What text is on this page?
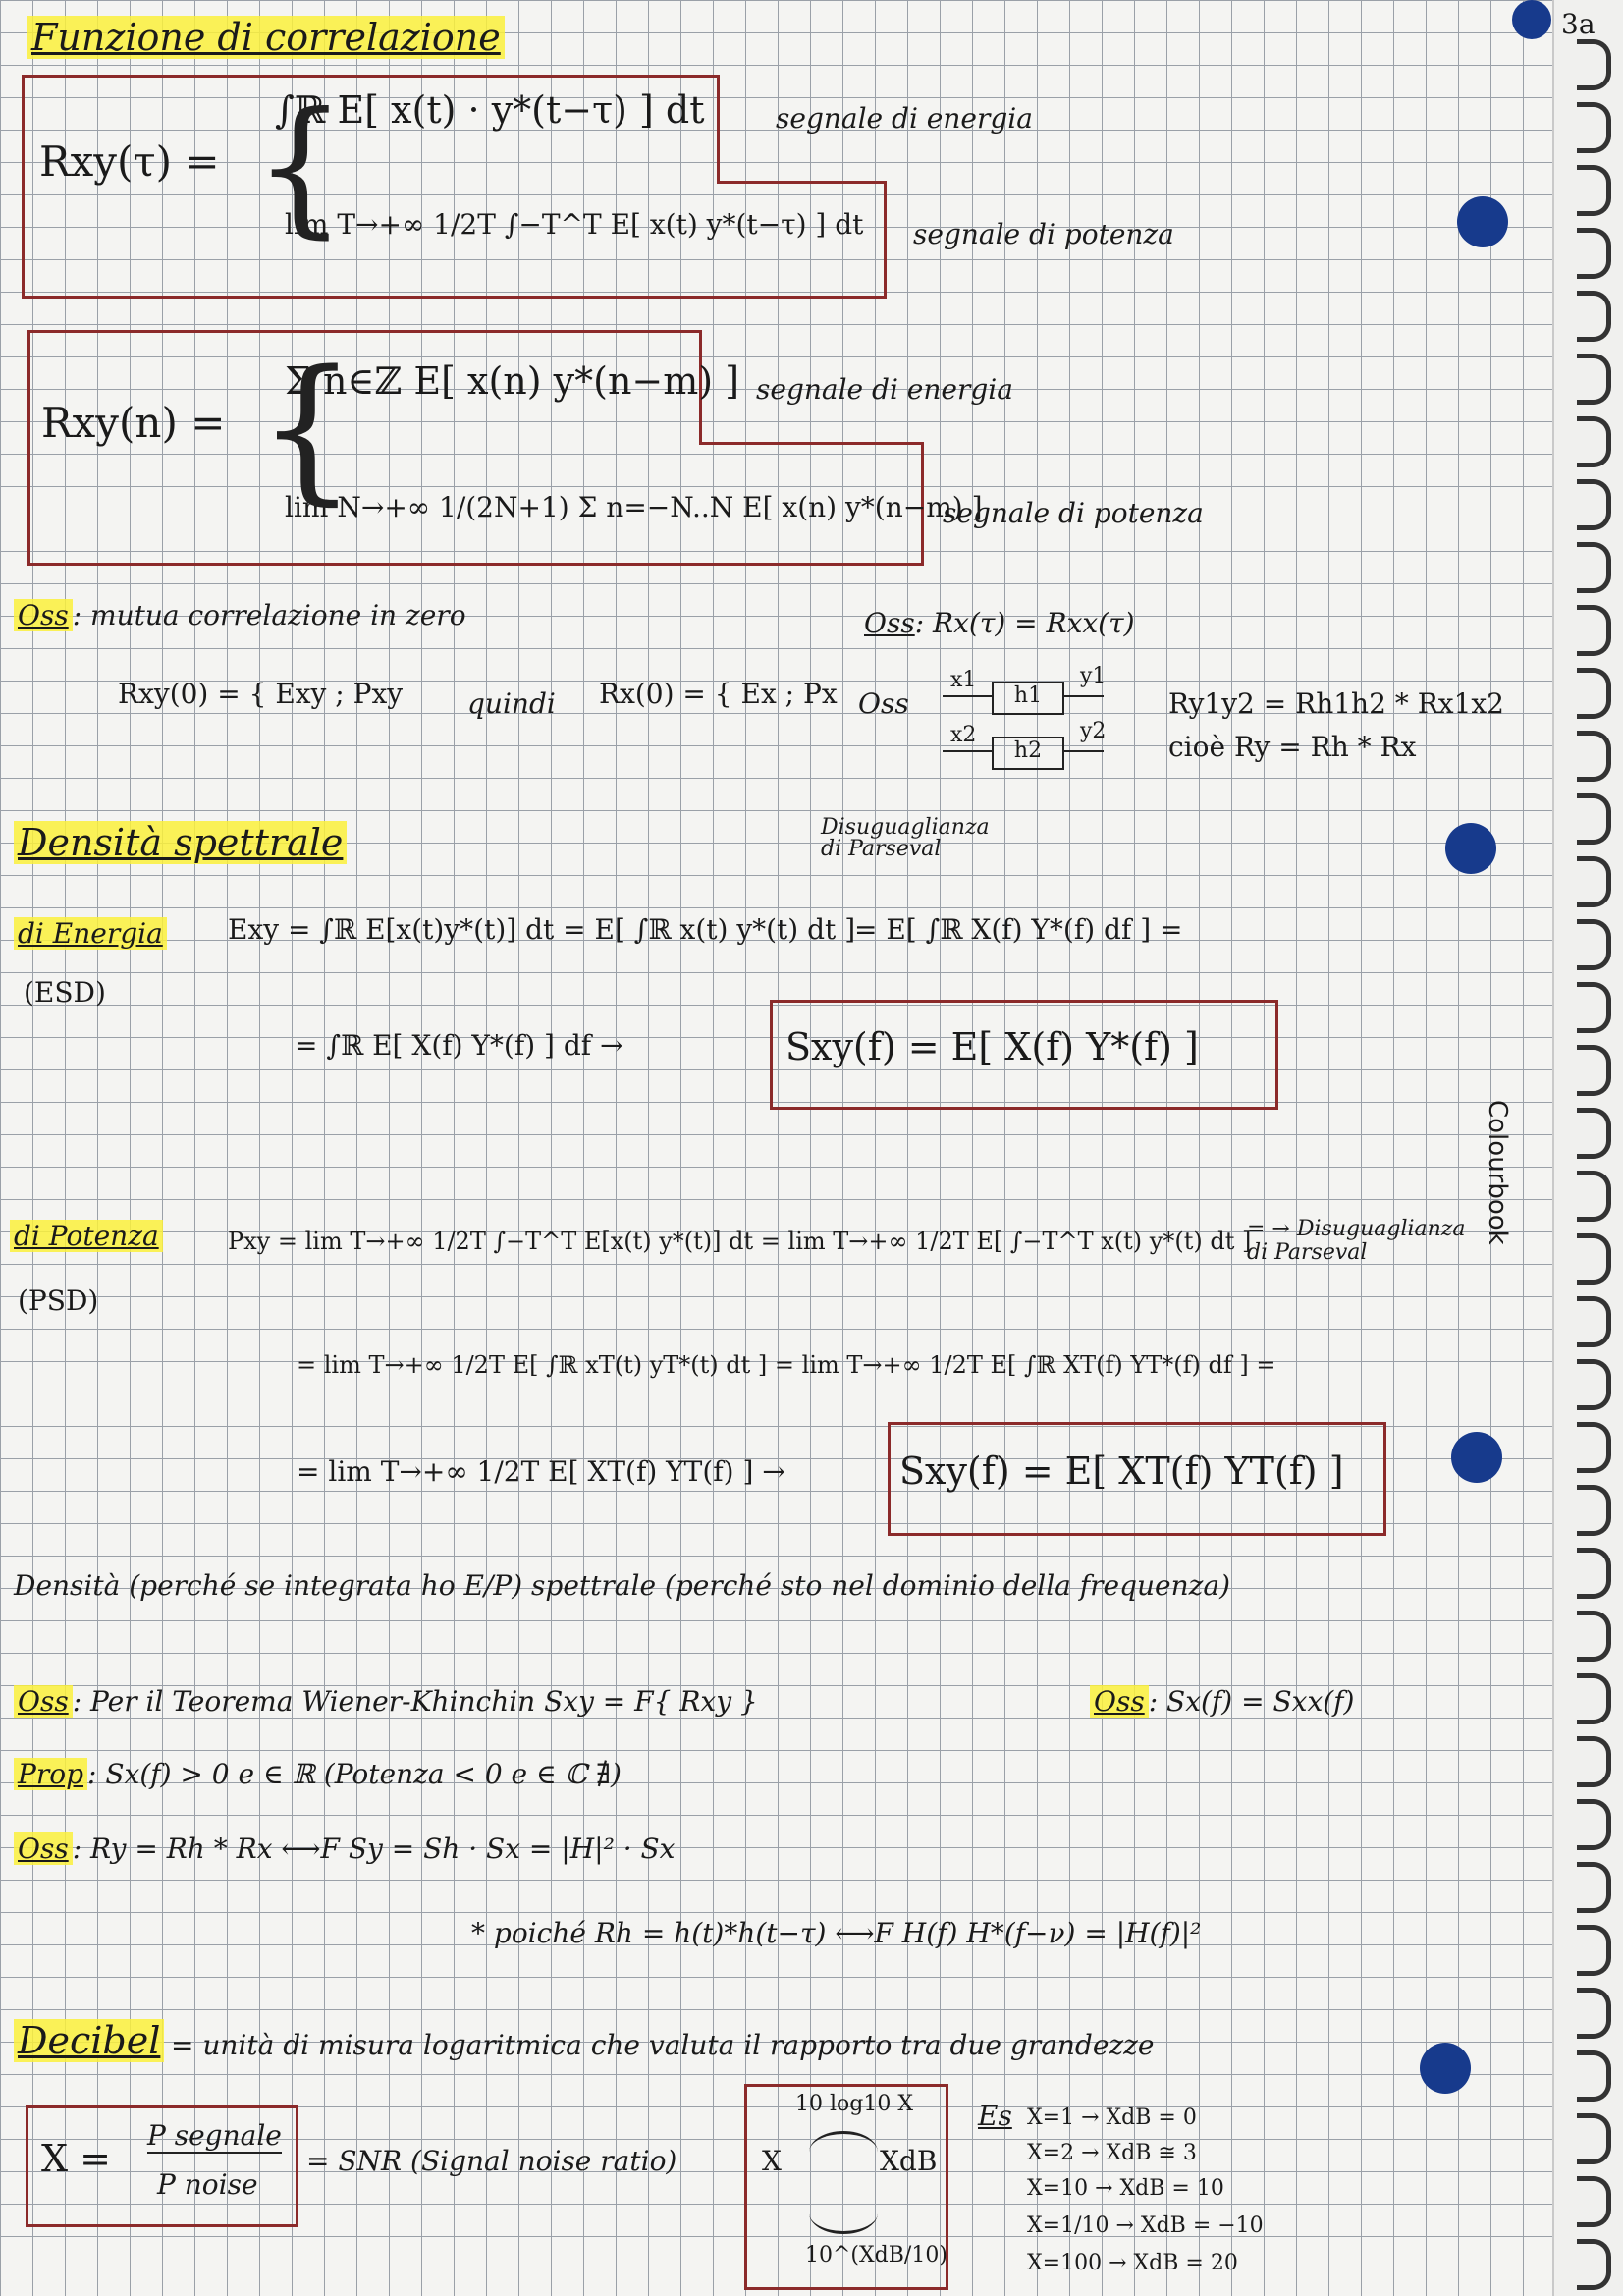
3a
Colourbook
Funzione di correlazione
Rxy(τ) =
∫ℝ E[ x(t) · y*(t−τ) ] dt	segnale di energia
lim T→+∞ 1/2T ∫−T^T E[ x(t) y*(t−τ) ] dt segnale di potenza
{
Rxy(n) =
Σ n∈ℤ E[ x(n) y*(n−m) ] segnale di energia
lim N→+∞ 1/(2N+1) Σ n=−N..N E[ x(n) y*(n−m) ]
segnale di potenza
{
Oss : mutua correlazione in zero
Rxy(0) = { Exy ; Pxy quindi Rx(0) = { Ex ; Px
Oss: Rx(τ) = Rxx(τ)
Oss
x1
h1
y1
x2
h2
y2
Ry1y2 = Rh1h2 * Rx1x2
cioè Ry = Rh * Rx
Densità spettrale	Disuguaglianza di Parseval
di Energia
(ESD)
Exy = ∫ℝ E[x(t)y*(t)] dt = E[ ∫ℝ x(t) y*(t) dt ]
= E[ ∫ℝ X(f) Y*(f) df ] =
= ∫ℝ E[ X(f) Y*(f) ] df →	Sxy(f) = E[ X(f) Y*(f) ]
di Potenza
(PSD)
Pxy = lim T→+∞ 1/2T ∫−T^T E[x(t) y*(t)] dt = lim T→+∞ 1/2T E[ ∫−T^T x(t) y*(t) dt ]
= → Disuguaglianza di Parseval
= lim T→+∞ 1/2T E[ ∫ℝ xT(t) yT*(t) dt ] = lim T→+∞ 1/2T E[ ∫ℝ XT(f) YT*(f) df ] =
= lim T→+∞ 1/2T E[ XT(f) YT(f) ] →	Sxy(f) = E[ XT(f) YT(f) ]
Densità (perché se integrata ho E/P) spettrale (perché sto nel dominio della frequenza)
Oss : Per il Teorema Wiener-Khinchin Sxy = F{ Rxy }	Oss : Sx(f) = Sxx(f)
Prop : Sx(f) > 0 e ∈ ℝ (Potenza < 0 e ∈ ℂ ∄)
Oss : Ry = Rh * Rx ⟷F Sy = Sh · Sx = |H|² · Sx
* poiché Rh = h(t)*h(t−τ) ⟷F H(f) H*(f−ν) = |H(f)|²
Decibel = unità di misura logaritmica che valuta il rapporto tra due grandezze
X =
P segnale
P noise
= SNR (Signal noise ratio)
10 log10 X
X	XdB
10^(XdB/10)
Es X=1 → XdB = 0
X=2 → XdB ≅ 3
X=10 → XdB = 10
X=1/10 → XdB = −10
X=100 → XdB = 20
